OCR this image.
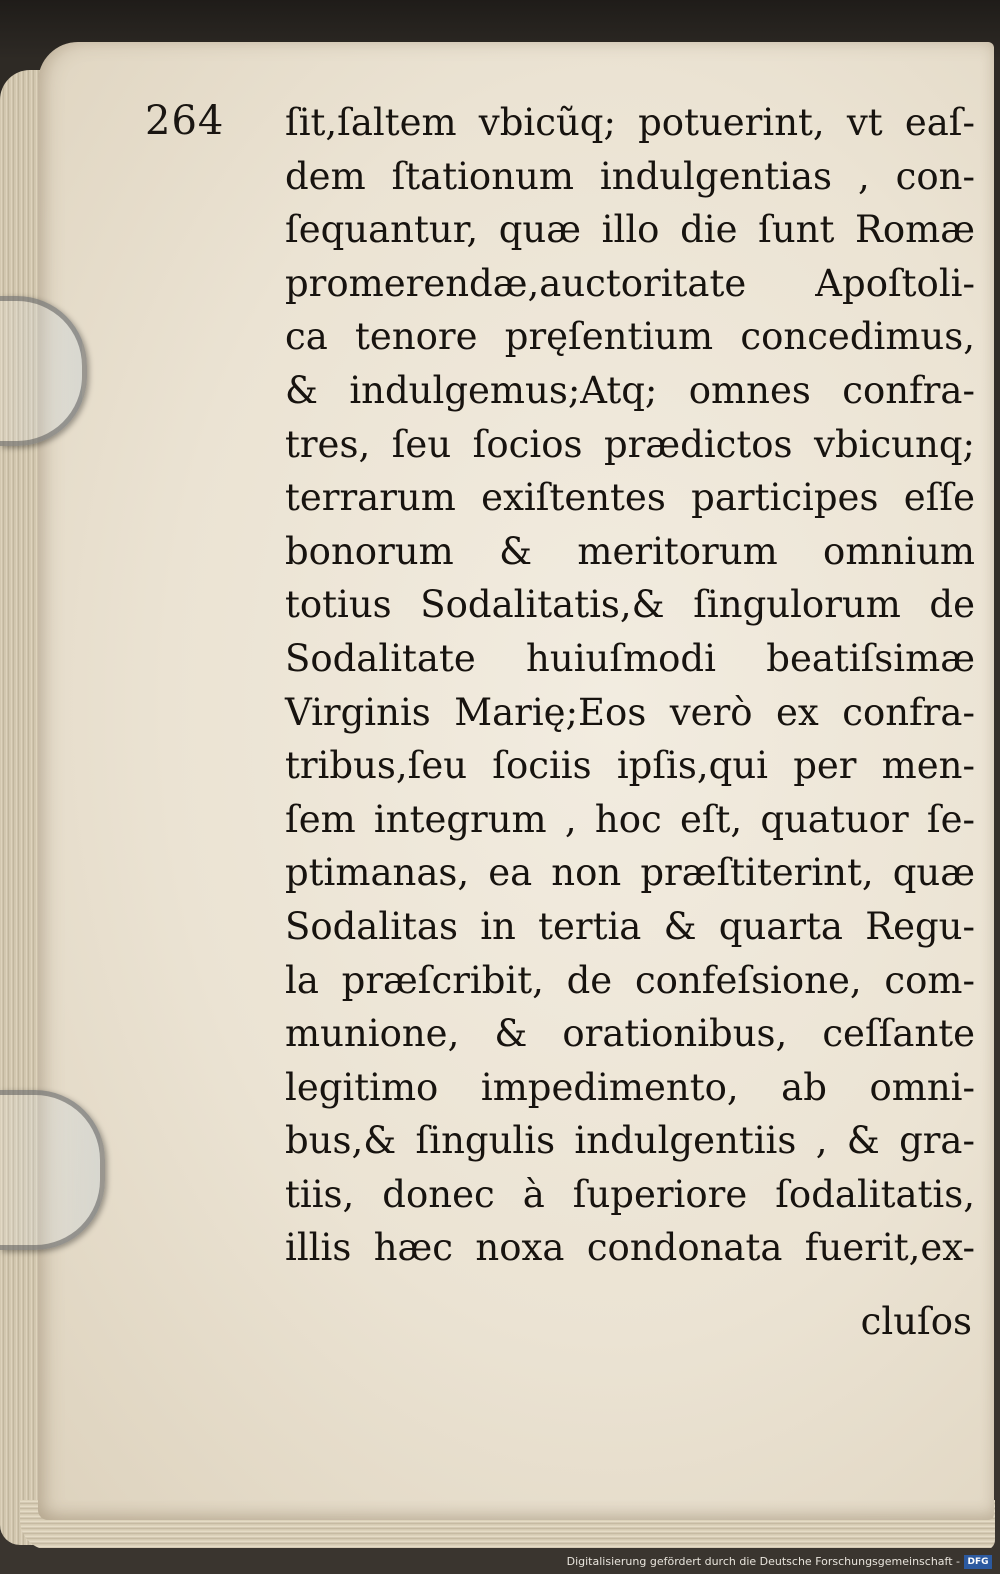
264 ſit,ſaltem vbicũq; potuerint, vt eaſ-
dem ſtationum indulgentias , con-
ſequantur, quæ illo die ſunt Romæ
promerendæ,auctoritate Apoſtoli-
ca tenore pręſentium concedimus,
& indulgemus;Atq; omnes confra-
tres, ſeu ſocios prædictos vbicunq;
terrarum exiſtentes participes eſſe
bonorum & meritorum omnium
totius Sodalitatis,& ſingulorum de
Sodalitate huiuſmodi beatiſsimæ
Virginis Marię;Eos verò ex confra-
tribus,ſeu ſociis ipſis,qui per men-
ſem integrum , hoc eſt, quatuor ſe-
ptimanas, ea non præſtiterint, quæ
Sodalitas in tertia & quarta Regu-
la præſcribit, de confeſsione, com-
munione, & orationibus, ceſſante
legitimo impedimento, ab omni-
bus,& ſingulis indulgentiis , & gra-
tiis, donec à ſuperiore ſodalitatis,
illis hæc noxa condonata fuerit,ex-
cluſos
Digitalisierung gefördert durch die Deutsche Forschungsgemeinschaft - DFG
